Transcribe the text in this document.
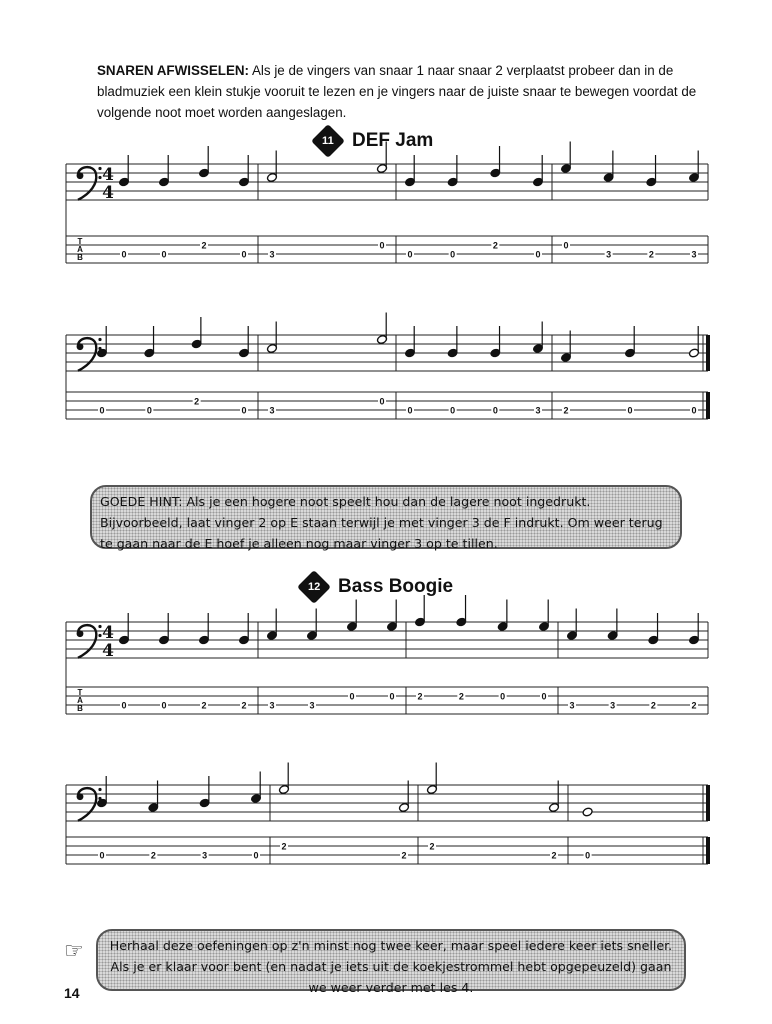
SNAREN AFWISSELEN: Als je de vingers van snaar 1 naar snaar 2 verplaatst probeer dan in de bladmuziek een klein stukje vooruit te lezen en je vingers naar de juiste snaar te bewegen voordat de volgende noot moet worden aangeslagen.
11 DEF Jam
4
4
T
A
B	0	0
2
0	3
0
0	0
2
0
0
3	2	3
0	0
2
0	3
0
0	0	0	3	2	0	0
4
4
T
A
B	0	0	2	2	3	3
0	0	2	2	0	0
3	3	2	2
0	2	3	0
2
2
2
2	0
GOEDE HINT: Als je een hogere noot speelt hou dan de lagere noot ingedrukt. Bijvoorbeeld, laat vinger 2 op E staan terwijl je met vinger 3 de F indrukt. Om weer terug te gaan naar de E hoef je alleen nog maar vinger 3 op te tillen.
12 Bass Boogie
☞	Herhaal deze oefeningen op z'n minst nog twee keer, maar speel iedere keer iets sneller. Als je er klaar voor bent (en nadat je iets uit de koekjestrommel hebt opgepeuzeld) gaan we weer verder met les 4.
14
